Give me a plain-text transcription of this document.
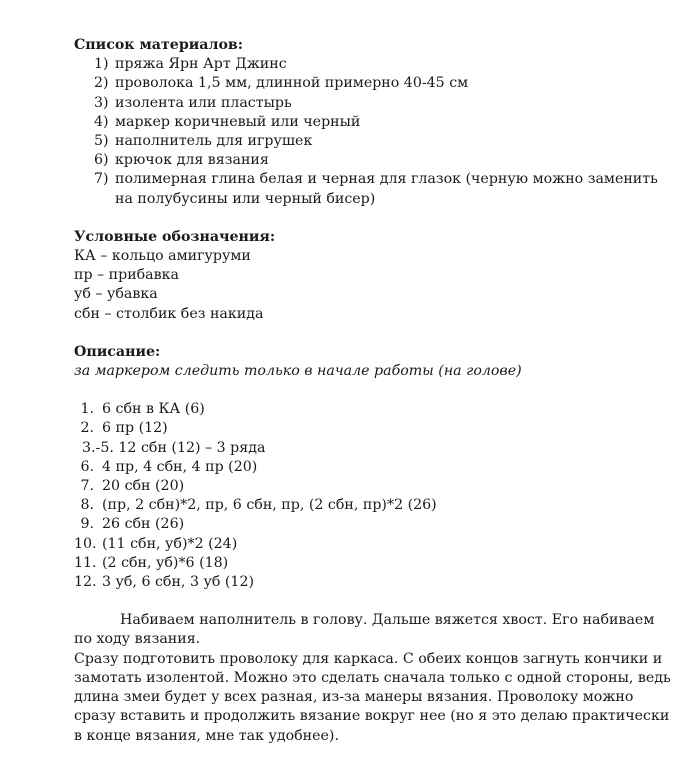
Список материалов:

1) пряжа Ярн Арт Джинс
2) проволока 1,5 мм, длинной примерно 40-45 см
3) изолента или пластырь
4) маркер коричневый или черный
5) наполнитель для игрушек
6) крючок для вязания
7) полимерная глина белая и черная для глазок (черную можно заменить на полубусины или черный бисер)

Условные обозначения:

КА – кольцо амигуруми

пр – прибавка

уб – убавка

сбн – столбик без накида

Описание:

за маркером следить только в начале работы (на голове)

1. 6 сбн в КА (6)
2. 6 пр (12)
3.-5. 12 сбн (12) – 3 ряда
6. 4 пр, 4 сбн, 4 пр (20)
7. 20 сбн (20)
8. (пр, 2 сбн)*2, пр, 6 сбн, пр, (2 сбн, пр)*2 (26)
9. 26 сбн (26)
10. (11 сбн, уб)*2 (24)
11. (2 сбн, уб)*6 (18)
12. 3 уб, 6 сбн, 3 уб (12)

Набиваем наполнитель в голову. Дальше вяжется хвост. Его набиваем по ходу вязания.

Сразу подготовить проволоку для каркаса. С обеих концов загнуть кончики и замотать изолентой. Можно это сделать сначала только с одной стороны, ведь длина змеи будет у всех разная, из-за манеры вязания. Проволоку можно сразу вставить и продолжить вязание вокруг нее (но я это делаю практически в конце вязания, мне так удобнее).
